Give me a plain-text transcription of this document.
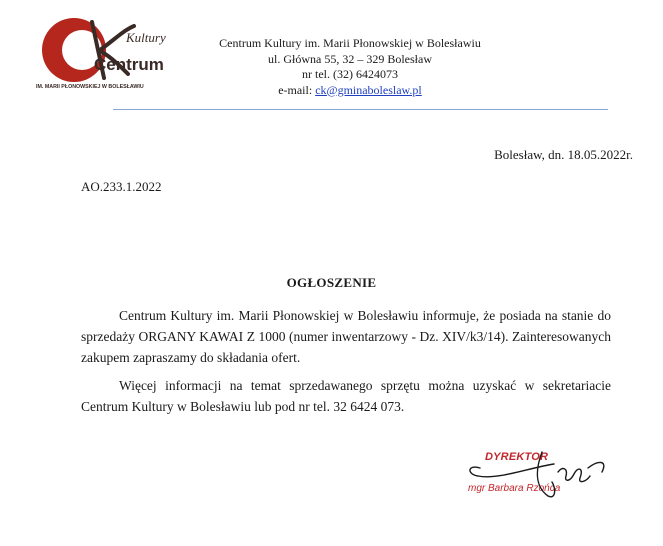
Kultury
Centrum
IM. MARII PŁONOWSKIEJ W BOLESŁAWIU
Centrum Kultury im. Marii Płonowskiej w Bolesławiu
ul. Główna 55, 32 – 329 Bolesław
nr tel. (32) 6424073
e-mail: ck@gminaboleslaw.pl
Bolesław, dn. 18.05.2022r.
AO.233.1.2022
OGŁOSZENIE

Centrum Kultury im. Marii Płonowskiej w Bolesławiu informuje, że posiada na stanie do sprzedaży ORGANY KAWAI Z 1000 (numer inwentarzowy - Dz. XIV/k3/14). Zainteresowanych zakupem zapraszamy do składania ofert.

Więcej informacji na temat sprzedawanego sprzętu można uzyskać w sekretariacie Centrum Kultury w Bolesławiu lub pod nr tel. 32 6424 073.

DYREKTOR
mgr Barbara Rzońca
